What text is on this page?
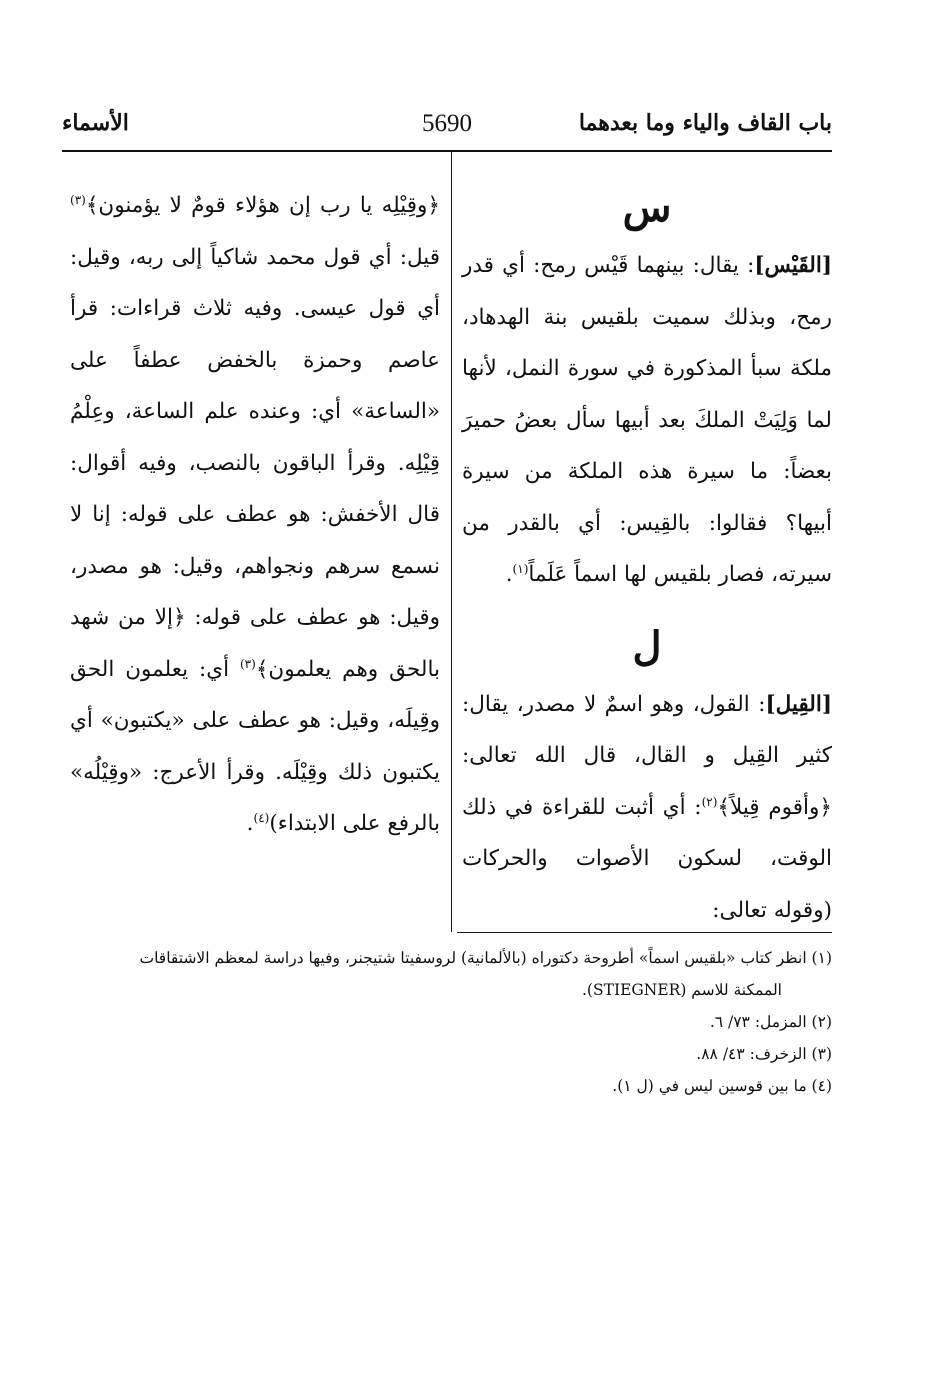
باب القاف والياء وما بعدهما
5690
الأسماء
س

[القَيْس]: يقال: بينهما قَيْس رمح: أي قدر رمح، وبذلك سميت بلقيس بنة الهدهاد، ملكة سبأ المذكورة في سورة النمل، لأنها لما وَلِيَتْ الملكَ بعد أبيها سأل بعضُ حميرَ بعضاً: ما سيرة هذه الملكة من سيرة أبيها؟ فقالوا: بالقِيس: أي بالقدر من سيرته، فصار بلقيس لها اسماً عَلَماً$^{(١)}$.

ل

[القِيل]: القول، وهو اسمٌ لا مصدر، يقال: كثير القِيل و القال، قال الله تعالى: ﴿وأقوم قِيلاً﴾$^{(٢)}$: أي أثبت للقراءة في ذلك الوقت، لسكون الأصوات والحركات (وقوله تعالى:

﴿وقِيْلِه يا رب إن هؤلاء قومٌ لا يؤمنون﴾$^{(٣)}$ قيل: أي قول محمد شاكياً إلى ربه، وقيل: أي قول عيسى. وفيه ثلاث قراءات: قرأ عاصم وحمزة بالخفض عطفاً على «الساعة» أي: وعنده علم الساعة، وعِلْمُ قِيْلِه. وقرأ الباقون بالنصب، وفيه أقوال: قال الأخفش: هو عطف على قوله: إنا لا نسمع سرهم ونجواهم، وقيل: هو مصدر، وقيل: هو عطف على قوله: ﴿إلا من شهد بالحق وهم يعلمون﴾$^{(٣)}$ أي: يعلمون الحق وقِيلَه، وقيل: هو عطف على «يكتبون» أي يكتبون ذلك وقِيْلَه. وقرأ الأعرج: «وقِيْلُه» بالرفع على الابتداء)$^{(٤)}$.

(١) انظر كتاب «بلقيس اسماً» أطروحة دكتوراه (بالألمانية) لروسفيتا شتيجنر، وفيها دراسة لمعظم الاشتقاقات

الممكنة للاسم (STIEGNER).

(٢) المزمل: ٧٣/ ٦.

(٣) الزخرف: ٤٣/ ٨٨.

(٤) ما بين قوسين ليس في (ل ١).
